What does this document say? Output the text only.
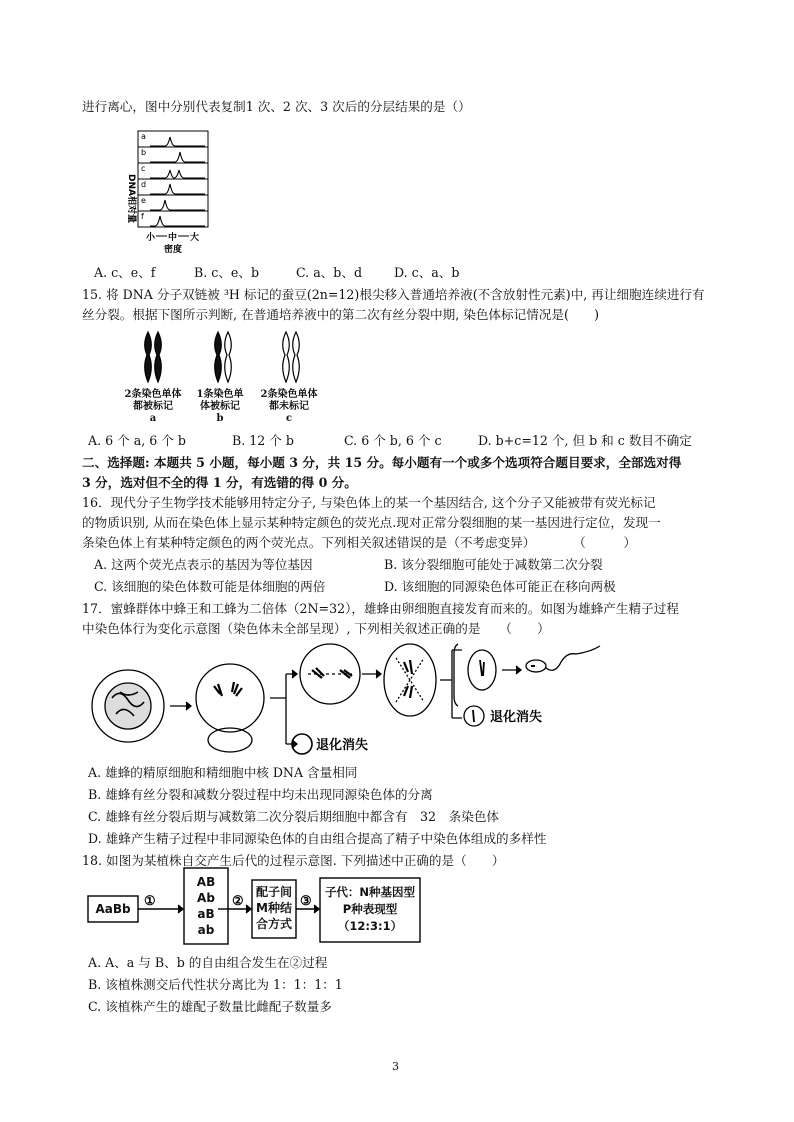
进行离心，图中分别代表复制1 次、2 次、3 次后的分层结果的是（）
DNA相对量
a
b
c
d
e
f
小 中 大
密度
A. c、e、f	B. c、e、b	C. a、b、d	D. c、a、b
15. 将 DNA 分子双链被 ³H 标记的蚕豆(2n=12)根尖移入普通培养液(不含放射性元素)中, 再让细胞连续进行有
丝分裂。根据下图所示判断, 在普通培养液中的第二次有丝分裂中期, 染色体标记情况是(　　)
2条染色单体
都被标记
a
1条染色单
体被标记
b
2条染色单体
都未标记
c
A. 6 个 a, 6 个 b	B. 12 个 b	C. 6 个 b, 6 个 c	D. b+c=12 个, 但 b 和 c 数目不确定
二、选择题: 本题共 5 小题，每小题 3 分，共 15 分。每小题有一个或多个选项符合题目要求，全部选对得
3 分，选对但不全的得 1 分，有选错的得 0 分。
16．现代分子生物学技术能够用特定分子, 与染色体上的某一个基因结合, 这个分子又能被带有荧光标记
的物质识别, 从而在染色体上显示某种特定颜色的荧光点.现对正常分裂细胞的某一基因进行定位，发现一
条染色体上有某种特定颜色的两个荧光点。下列相关叙述错误的是（不考虑变异）　　　　（　　　）
A. 这两个荧光点表示的基因为等位基因	B. 该分裂细胞可能处于减数第二次分裂
C. 该细胞的染色体数可能是体细胞的两倍	D. 该细胞的同源染色体可能正在移向两极
17．蜜蜂群体中蜂王和工蜂为二倍体（2N=32），雄蜂由卵细胞直接发育而来的。如图为雄蜂产生精子过程
中染色体行为变化示意图（染色体未全部呈现）, 下列相关叙述正确的是　　（　　）
退化消失
退化消失
A. 雄蜂的精原细胞和精细胞中核 DNA 含量相同
B. 雄蜂有丝分裂和减数分裂过程中均未出现同源染色体的分离
C. 雄蜂有丝分裂后期与减数第二次分裂后期细胞中都含有　32　条染色体
D. 雄蜂产生精子过程中非同源染色体的自由组合提高了精子中染色体组成的多样性
18. 如图为某植株自交产生后代的过程示意图. 下列描述中正确的是（　　）
①	②	③
AaBb
AB
Ab
aB
ab
配子间
M种结
合方式
子代：N种基因型
P种表现型
（12:3:1）
A. A、a 与 B、b 的自由组合发生在②过程
B. 该植株测交后代性状分离比为 1：1：1：1
C. 该植株产生的雄配子数量比雌配子数量多
3
